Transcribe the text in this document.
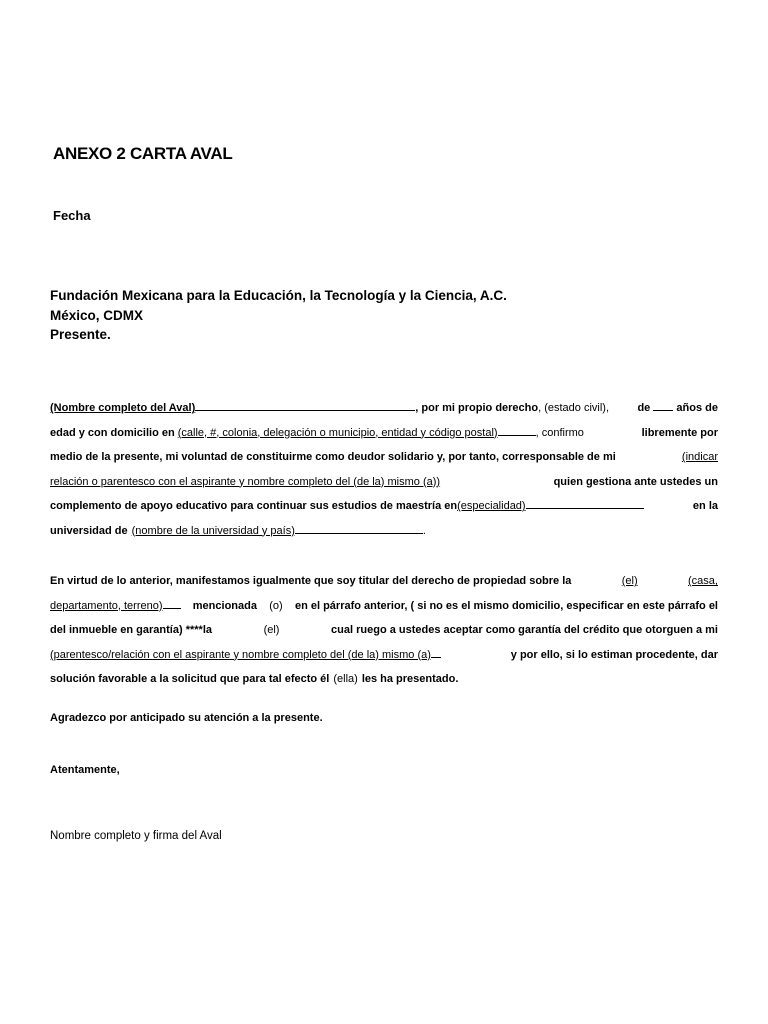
ANEXO 2 CARTA AVAL
Fecha
Fundación Mexicana para la Educación, la Tecnología y la Ciencia, A.C.
México, CDMX
Presente.
(Nombre completo del Aval)	, por mi propio derecho, (estado civil),	de años de
edad y con domicilio en (calle, #, colonia, delegación o municipio, entidad y código postal)	, confirmo	libremente por
medio de la presente, mi voluntad de constituirme como deudor solidario y, por tanto, corresponsable de mi	(indicar
relación o parentesco con el aspirante y nombre completo del (de la) mismo (a))	quien gestiona ante ustedes un
complemento de apoyo educativo para continuar sus estudios de maestría en(especialidad)	en la
universidad de (nombre de la universidad y país)	.
En virtud de lo anterior, manifestamos igualmente que soy titular del derecho de propiedad sobre la	(el)	(casa,
departamento, terreno)	mencionada (o) en el párrafo anterior, ( si no es el mismo domicilio, especificar en este párrafo el
del inmueble en garantía) ****la	(el)	cual ruego a ustedes aceptar como garantía del crédito que otorguen a mi
(parentesco/relación con el aspirante y nombre completo del (de la) mismo (a)	y por ello, si lo estiman procedente, dar
solución favorable a la solicitud que para tal efecto él (ella) les ha presentado.
Agradezco por anticipado su atención a la presente.
Atentamente,
Nombre completo y firma del Aval
